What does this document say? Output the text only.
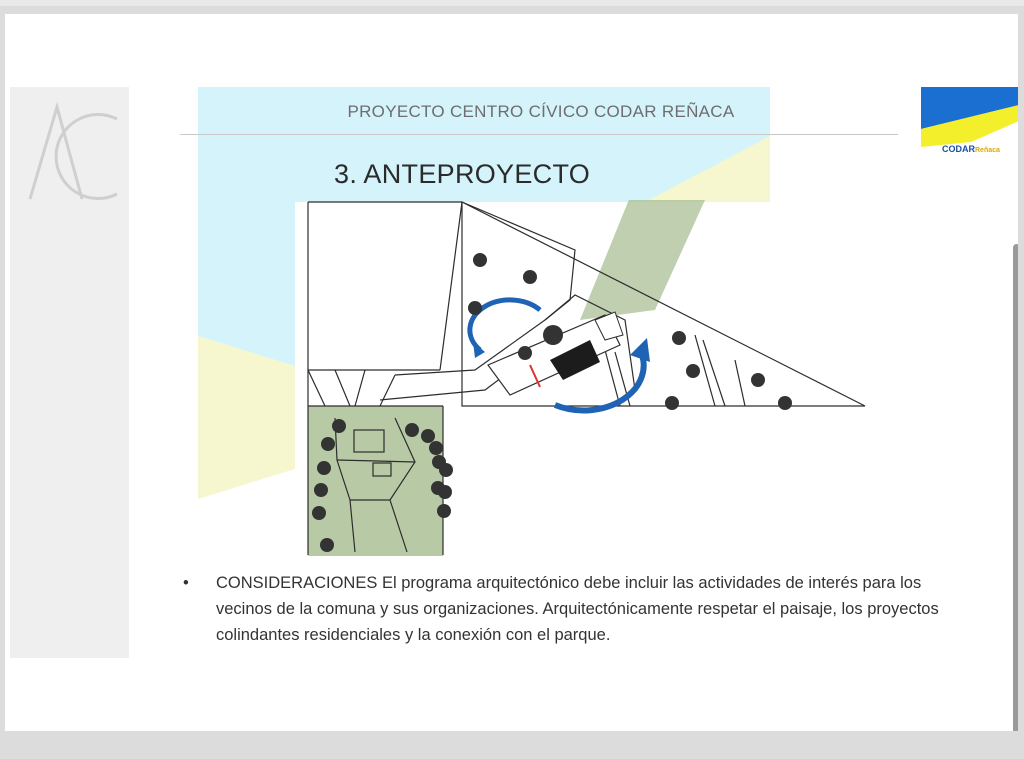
PROYECTO CENTRO CÍVICO CODAR REÑACA
3. ANTEPROYECTO
CODARReñaca
•	CONSIDERACIONES El programa arquitectónico debe incluir las actividades de interés para los vecinos de la comuna y sus organizaciones. Arquitectónicamente respetar el paisaje, los proyectos colindantes residenciales y la conexión con el parque.
